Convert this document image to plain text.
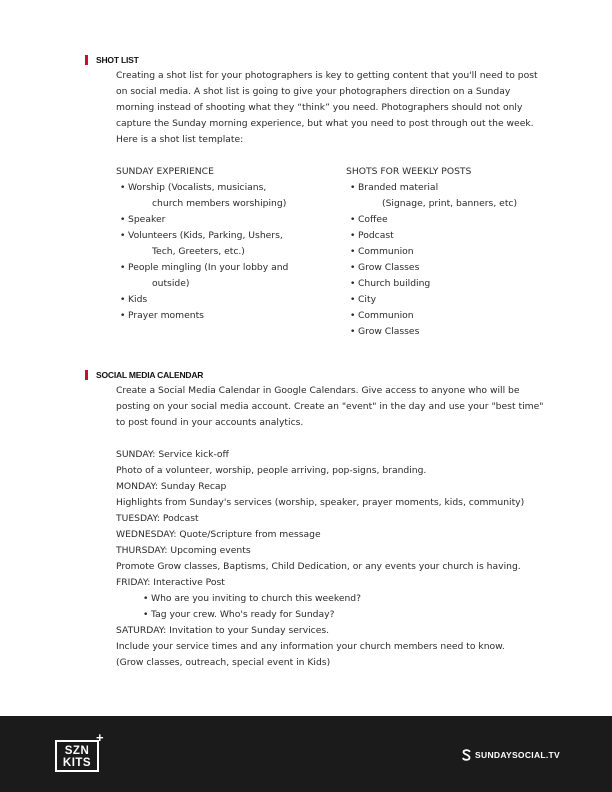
SHOT LIST

Creating a shot list for your photographers is key to getting content that you'll need to post on social media. A shot list is going to give your photographers direction on a Sunday morning instead of shooting what they “think” you need. Photographers should not only capture the Sunday morning experience, but what you need to post through out the week. Here is a shot list template:

SUNDAY EXPERIENCE

• Worship (Vocalists, musicians,
church members worshiping)
• Speaker
• Volunteers (Kids, Parking, Ushers,
Tech, Greeters, etc.)
• People mingling (In your lobby and
outside)
• Kids
• Prayer moments

SHOTS FOR WEEKLY POSTS

• Branded material
(Signage, print, banners, etc)
• Coffee
• Podcast
• Communion
• Grow Classes
• Church building
• City
• Communion
• Grow Classes
SOCIAL MEDIA CALENDAR

Create a Social Media Calendar in Google Calendars. Give access to anyone who will be posting on your social media account. Create an "event" in the day and use your "best time" to post found in your accounts analytics.

SUNDAY: Service kick-off
Photo of a volunteer, worship, people arriving, pop-signs, branding.
MONDAY: Sunday Recap
Highlights from Sunday's services (worship, speaker, prayer moments, kids, community)
TUESDAY: Podcast
WEDNESDAY: Quote/Scripture from message
THURSDAY: Upcoming events
Promote Grow classes, Baptisms, Child Dedication, or any events your church is having.
FRIDAY: Interactive Post
• Who are you inviting to church this weekend?
• Tag your crew. Who's ready for Sunday?
SATURDAY: Invitation to your Sunday services.
Include your service times and any information your church members need to know.
(Grow classes, outreach, special event in Kids)
SZN
KITS
+
SUNDAYSOCIAL.TV
